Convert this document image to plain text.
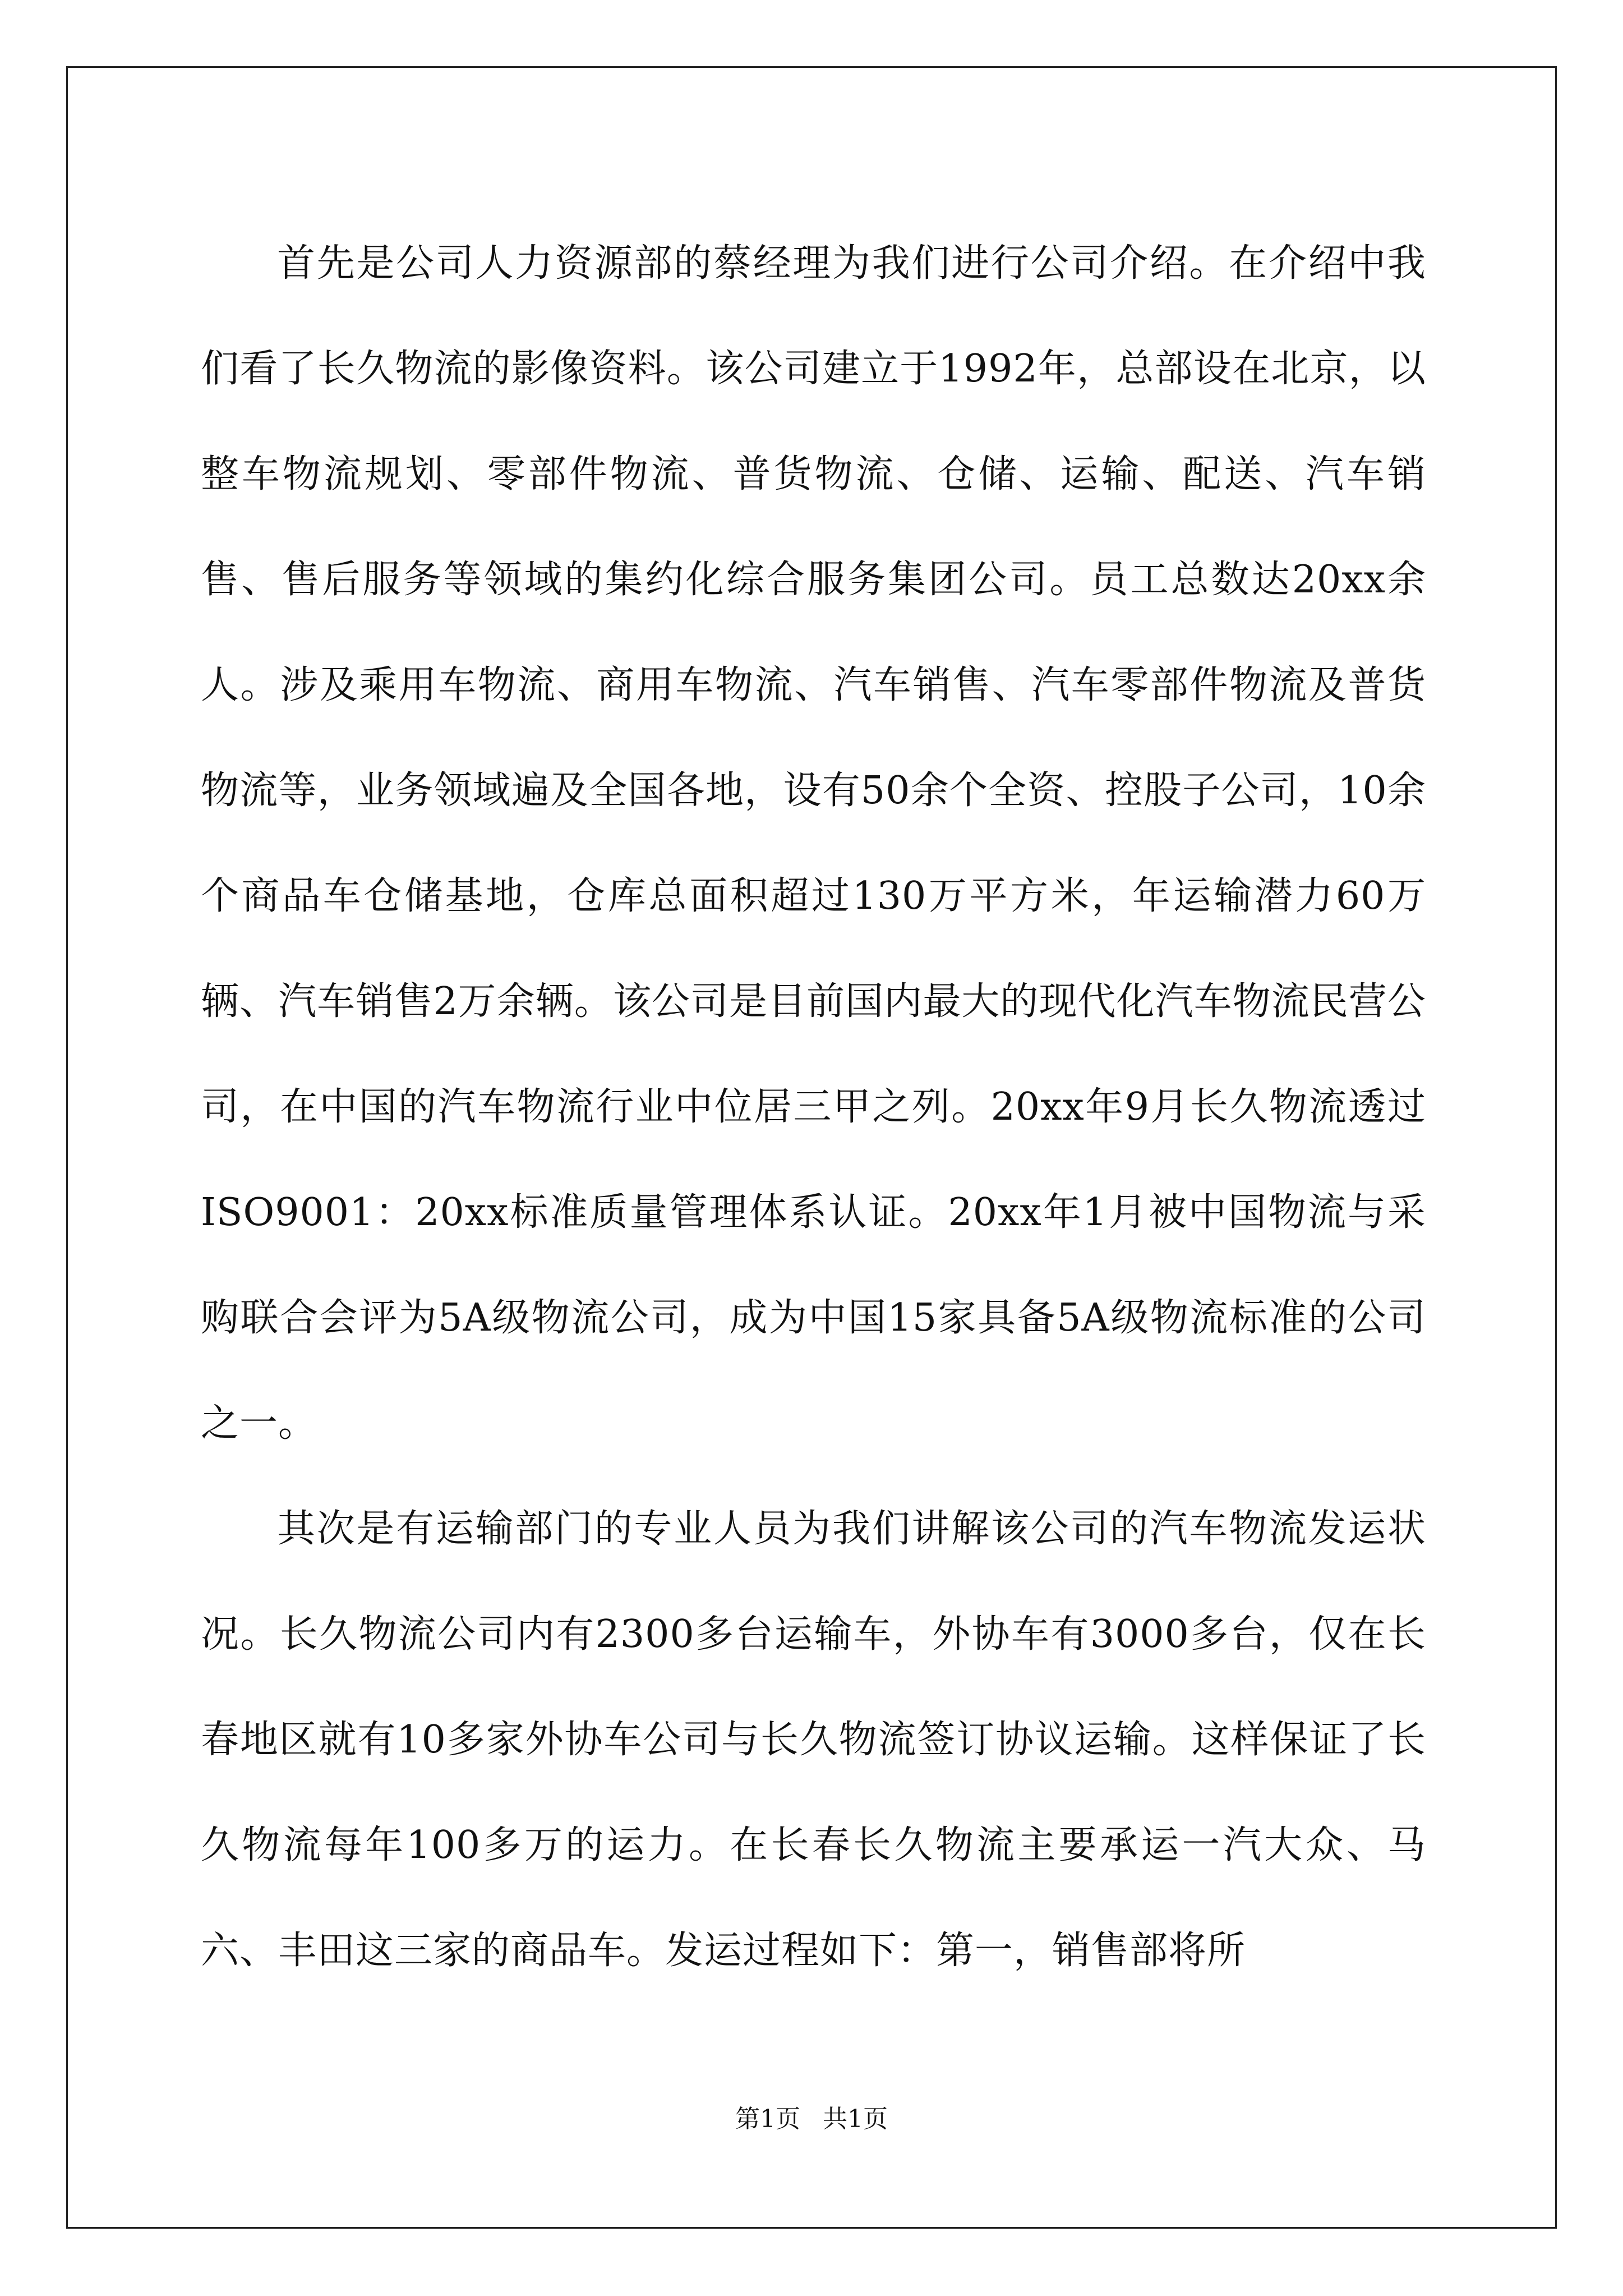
首先是公司人力资源部的蔡经理为我们进行公司介绍。在介绍中我们看了长久物流的影像资料。该公司建立于1992年，总部设在北京，以整车物流规划、零部件物流、普货物流、仓储、运输、配送、汽车销售、售后服务等领域的集约化综合服务集团公司。员工总数达20xx余人。涉及乘用车物流、商用车物流、汽车销售、汽车零部件物流及普货物流等，业务领域遍及全国各地，设有50余个全资、控股子公司，10余个商品车仓储基地，仓库总面积超过130万平方米，年运输潜力60万辆、汽车销售2万余辆。该公司是目前国内最大的现代化汽车物流民营公司，在中国的汽车物流行业中位居三甲之列。20xx年9月长久物流透过ISO9001：20xx标准质量管理体系认证。20xx年1月被中国物流与采购联合会评为5A级物流公司，成为中国15家具备5A级物流标准的公司之一。

其次是有运输部门的专业人员为我们讲解该公司的汽车物流发运状况。长久物流公司内有2300多台运输车，外协车有3000多台，仅在长春地区就有10多家外协车公司与长久物流签订协议运输。这样保证了长久物流每年100多万的运力。在长春长久物流主要承运一汽大众、马六、丰田这三家的商品车。发运过程如下：第一，销售部将所

第1页 共1页
